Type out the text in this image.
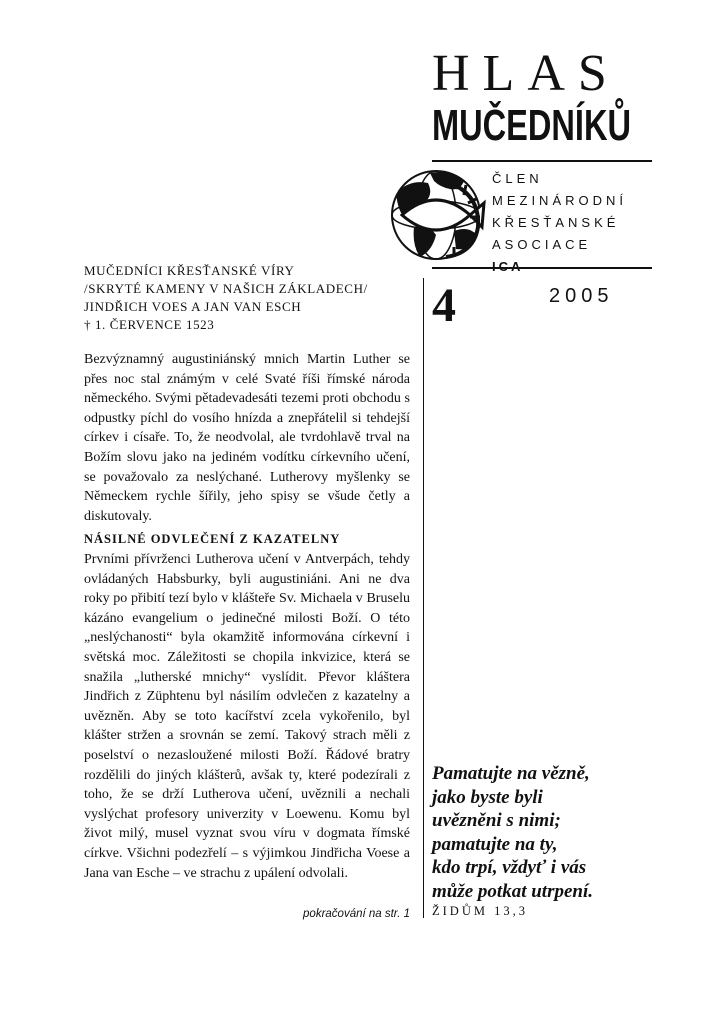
HLAS
MUČEDNÍKŮ
ČLEN
MEZINÁRODNÍ
KŘESŤANSKÉ
ASOCIACE
ICA
4	2005
MUČEDNÍCI KŘESŤANSKÉ VÍRY
/SKRYTÉ KAMENY V NAŠICH ZÁKLADECH/
JINDŘICH VOES A JAN VAN ESCH
† 1. ČERVENCE 1523

Bezvýznamný augustiniánský mnich Martin Luther se přes noc stal známým v celé Svaté říši římské národa německého. Svými pětadevadesáti tezemi proti obchodu s odpustky píchl do vosího hnízda a znepřátelil si tehdejší církev i císaře. To, že neodvolal, ale tvrdohlavě trval na Božím slovu jako na jediném vodítku církevního učení, se považovalo za neslýchané. Lutherovy myšlenky se Německem rychle šířily, jeho spisy se všude četly a diskutovaly.

NÁSILNÉ ODVLEČENÍ Z KAZATELNY

Prvními přívrženci Lutherova učení v Antverpách, tehdy ovládaných Habsburky, byli augustiniáni. Ani ne dva roky po přibití tezí bylo v klášteře Sv. Michaela v Bruselu kázáno evangelium o jedinečné milosti Boží. O této „neslýchanosti“ byla okamžitě informována církevní i světská moc. Záležitosti se chopila inkvizice, která se snažila „lutherské mnichy“ vyslídit. Převor kláštera Jindřich z Züphtenu byl násilím odvlečen z kazatelny a uvězněn. Aby se toto kacířství zcela vykořenilo, byl klášter stržen a srovnán se zemí. Takový strach měli z poselství o nezasloužené milosti Boží. Řádové bratry rozdělili do jiných klášterů, avšak ty, které podezírali z toho, že se drží Lutherova učení, uvěznili a nechali vyslýchat profesory univerzity v Loewenu. Komu byl život milý, musel vyznat svou víru v dogmata římské církve. Všichni podezřelí – s výjimkou Jindřicha Voese a Jana van Esche – ve strachu z upálení odvolali.

pokračování na str. 1
Pamatujte na vězně,
jako byste byli
uvězněni s nimi;
pamatujte na ty,
kdo trpí, vždyť i vás
může potkat utrpení.
ŽIDŮM 13,3
